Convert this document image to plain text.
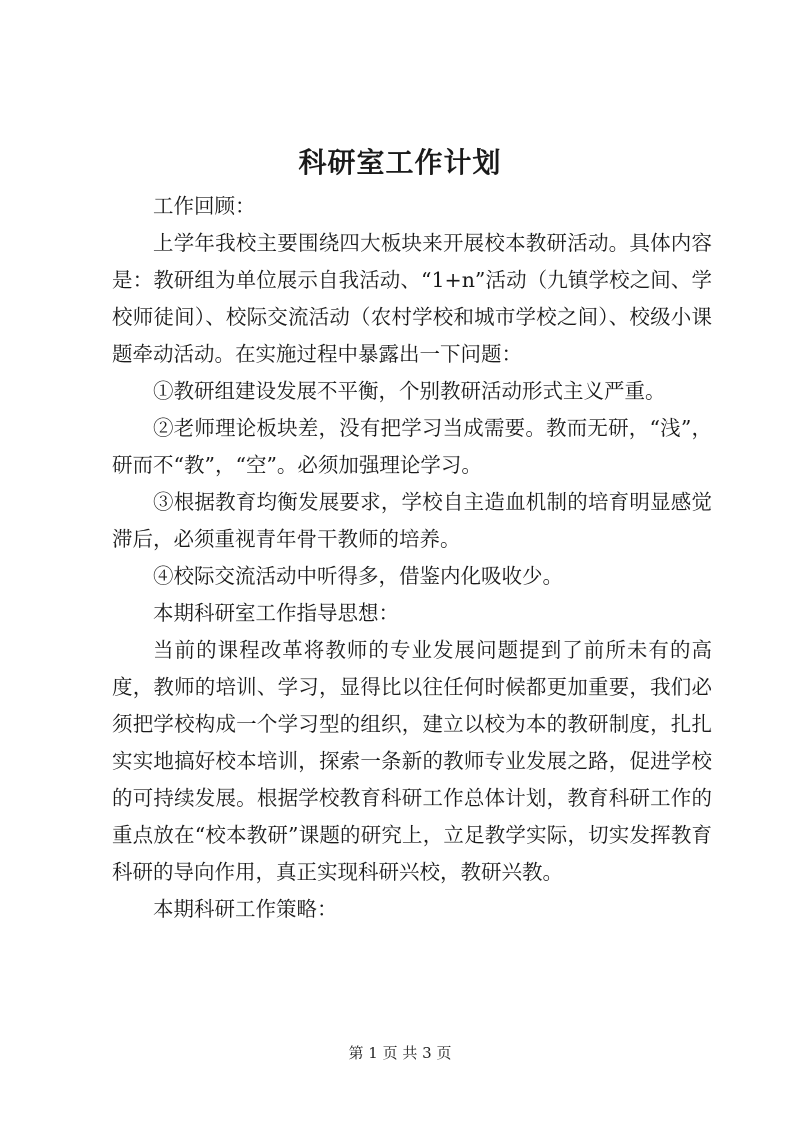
科研室工作计划

工作回顾：

上学年我校主要围绕四大板块来开展校本教研活动。具体内容是：教研组为单位展示自我活动、“1+n”活动（九镇学校之间、学校师徒间）、校际交流活动（农村学校和城市学校之间）、校级小课题牵动活动。在实施过程中暴露出一下问题：

①教研组建设发展不平衡，个别教研活动形式主义严重。

②老师理论板块差，没有把学习当成需要。教而无研，“浅”，研而不“教”，“空”。必须加强理论学习。

③根据教育均衡发展要求，学校自主造血机制的培育明显感觉滞后，必须重视青年骨干教师的培养。

④校际交流活动中听得多，借鉴内化吸收少。

本期科研室工作指导思想：

当前的课程改革将教师的专业发展问题提到了前所未有的高度，教师的培训、学习，显得比以往任何时候都更加重要，我们必须把学校构成一个学习型的组织，建立以校为本的教研制度，扎扎实实地搞好校本培训，探索一条新的教师专业发展之路，促进学校的可持续发展。根据学校教育科研工作总体计划，教育科研工作的重点放在“校本教研”课题的研究上，立足教学实际，切实发挥教育科研的导向作用，真正实现科研兴校，教研兴教。

本期科研工作策略：

第 1 页 共 3 页
